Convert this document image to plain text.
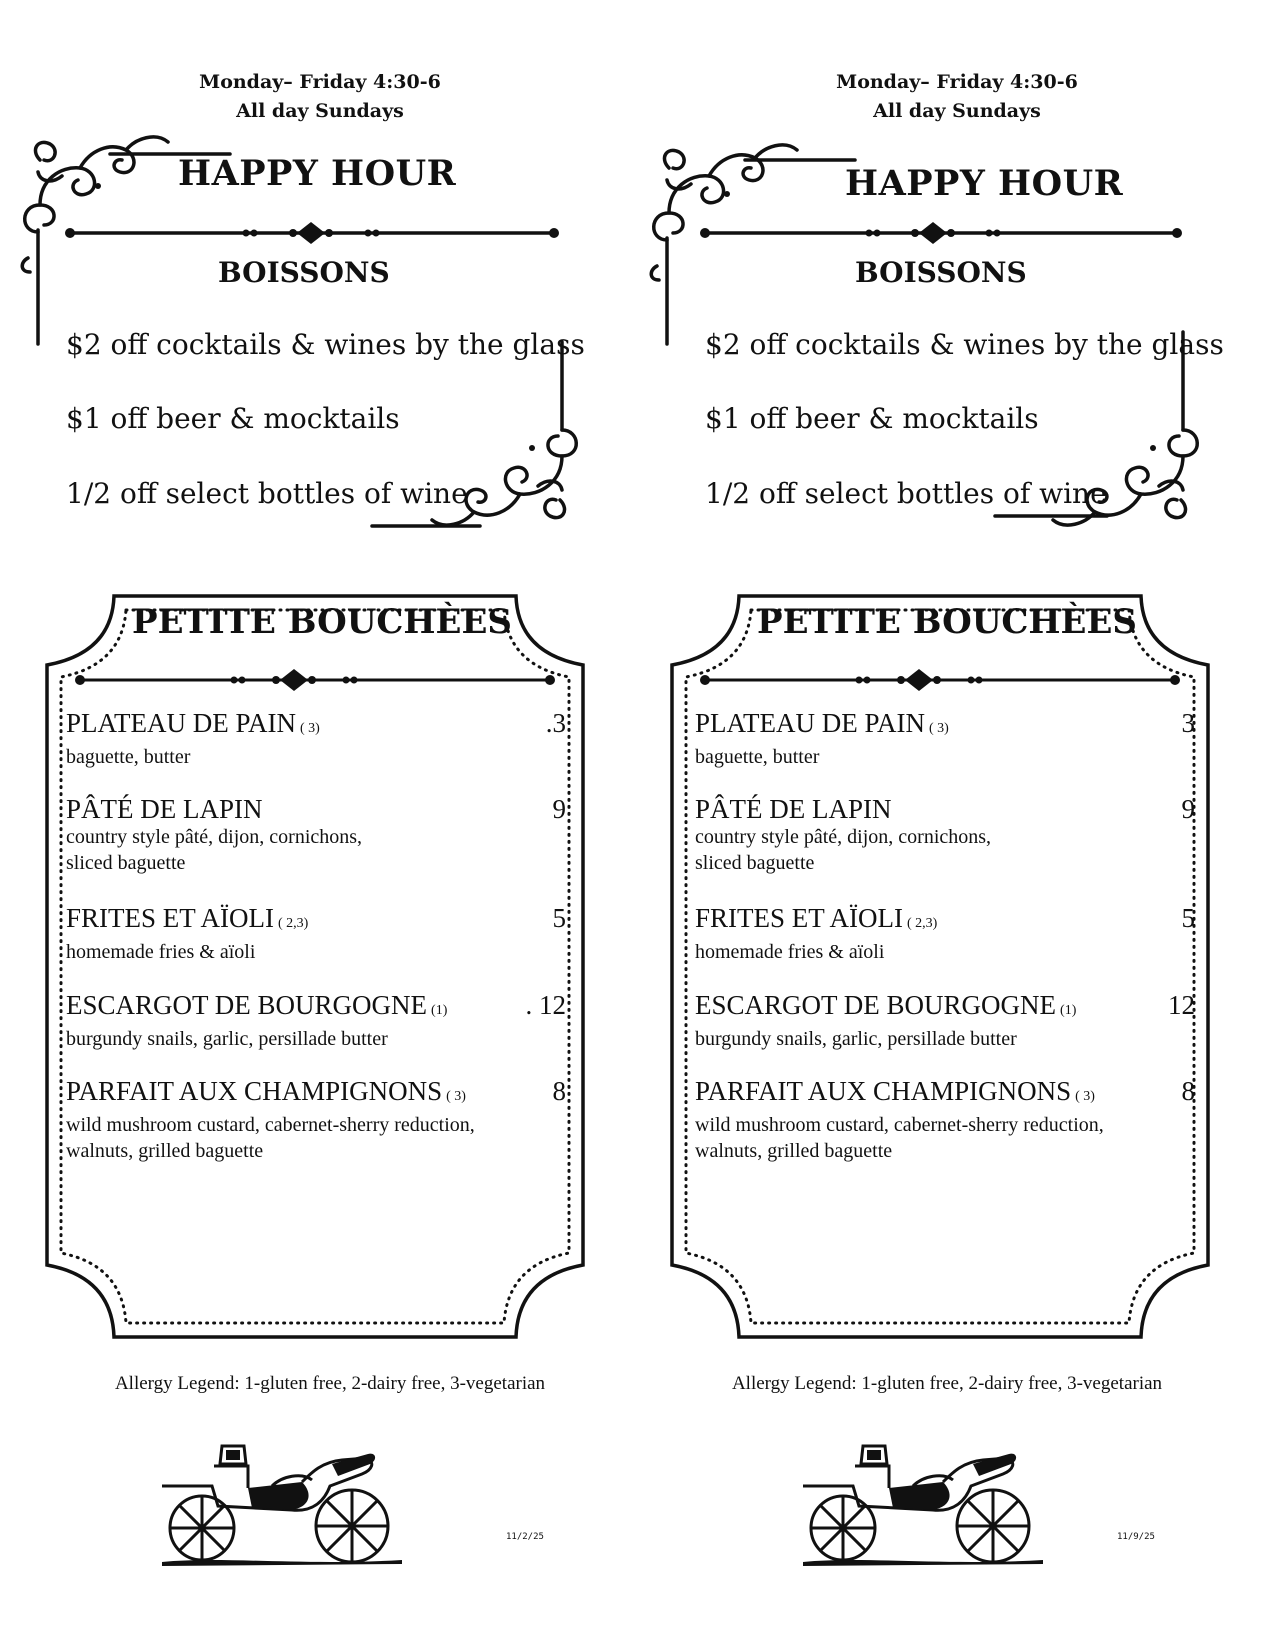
Monday– Friday 4:30-6
All day Sundays
HAPPY HOUR
BOISSONS
$2 off cocktails & wines by the glass
$1 off beer & mocktails
1/2 off select bottles of wine
PETITE BOUCHÈES
PLATEAU DE PAIN ( 3)	.3
baguette, butter
PÂTÉ DE LAPIN	9
country style pâté, dijon, cornichons,
sliced baguette
FRITES ET AÏOLI ( 2,3)	5
homemade fries & aïoli
ESCARGOT DE BOURGOGNE (1)	. 12
burgundy snails, garlic, persillade butter
PARFAIT AUX CHAMPIGNONS ( 3)	8
wild mushroom custard, cabernet-sherry reduction,
walnuts, grilled baguette
Allergy Legend: 1-gluten free, 2-dairy free, 3-vegetarian
11/2/25
Monday– Friday 4:30-6
All day Sundays
HAPPY HOUR
BOISSONS
$2 off cocktails & wines by the glass
$1 off beer & mocktails
1/2 off select bottles of wine
PETITE BOUCHÈES
PLATEAU DE PAIN ( 3)	3
baguette, butter
PÂTÉ DE LAPIN	9
country style pâté, dijon, cornichons,
sliced baguette
FRITES ET AÏOLI ( 2,3)	5
homemade fries & aïoli
ESCARGOT DE BOURGOGNE (1)	12
burgundy snails, garlic, persillade butter
PARFAIT AUX CHAMPIGNONS ( 3)	8
wild mushroom custard, cabernet-sherry reduction,
walnuts, grilled baguette
Allergy Legend: 1-gluten free, 2-dairy free, 3-vegetarian
11/9/25
